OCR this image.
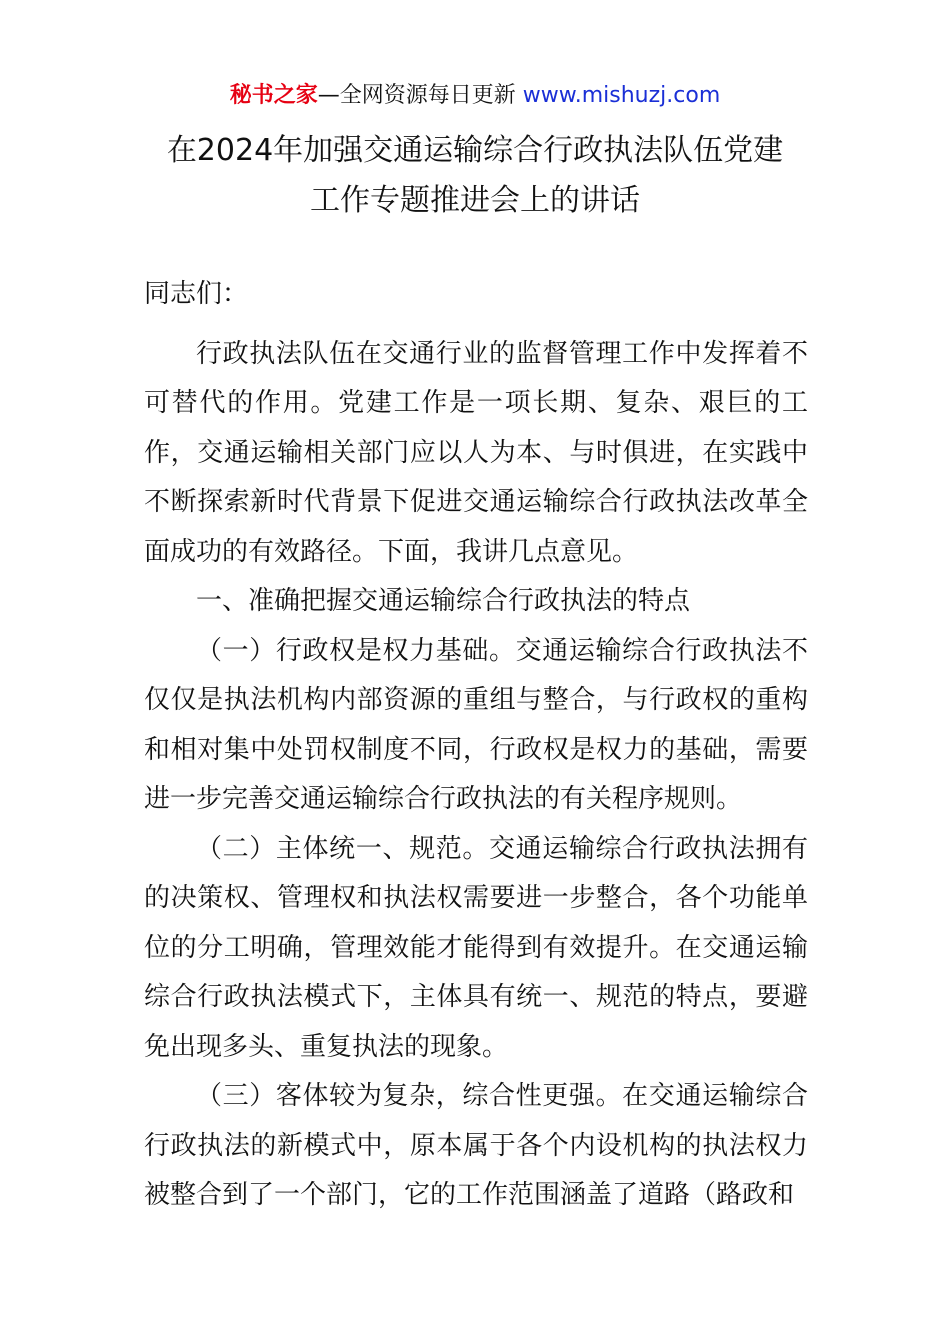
秘书之家—全网资源每日更新 www.mishuzj.com
在2024年加强交通运输综合行政执法队伍党建
工作专题推进会上的讲话

同志们：

行政执法队伍在交通行业的监督管理工作中发挥着不可替代的作用。党建工作是一项长期、复杂、艰巨的工作，交通运输相关部门应以人为本、与时俱进，在实践中不断探索新时代背景下促进交通运输综合行政执法改革全面成功的有效路径。下面，我讲几点意见。

一、准确把握交通运输综合行政执法的特点

（一）行政权是权力基础。交通运输综合行政执法不仅仅是执法机构内部资源的重组与整合，与行政权的重构和相对集中处罚权制度不同，行政权是权力的基础，需要进一步完善交通运输综合行政执法的有关程序规则。

（二）主体统一、规范。交通运输综合行政执法拥有的决策权、管理权和执法权需要进一步整合，各个功能单位的分工明确，管理效能才能得到有效提升。在交通运输综合行政执法模式下，主体具有统一、规范的特点，要避免出现多头、重复执法的现象。

（三）客体较为复杂，综合性更强。在交通运输综合行政执法的新模式中，原本属于各个内设机构的执法权力被整合到了一个部门，它的工作范围涵盖了道路（路政和
